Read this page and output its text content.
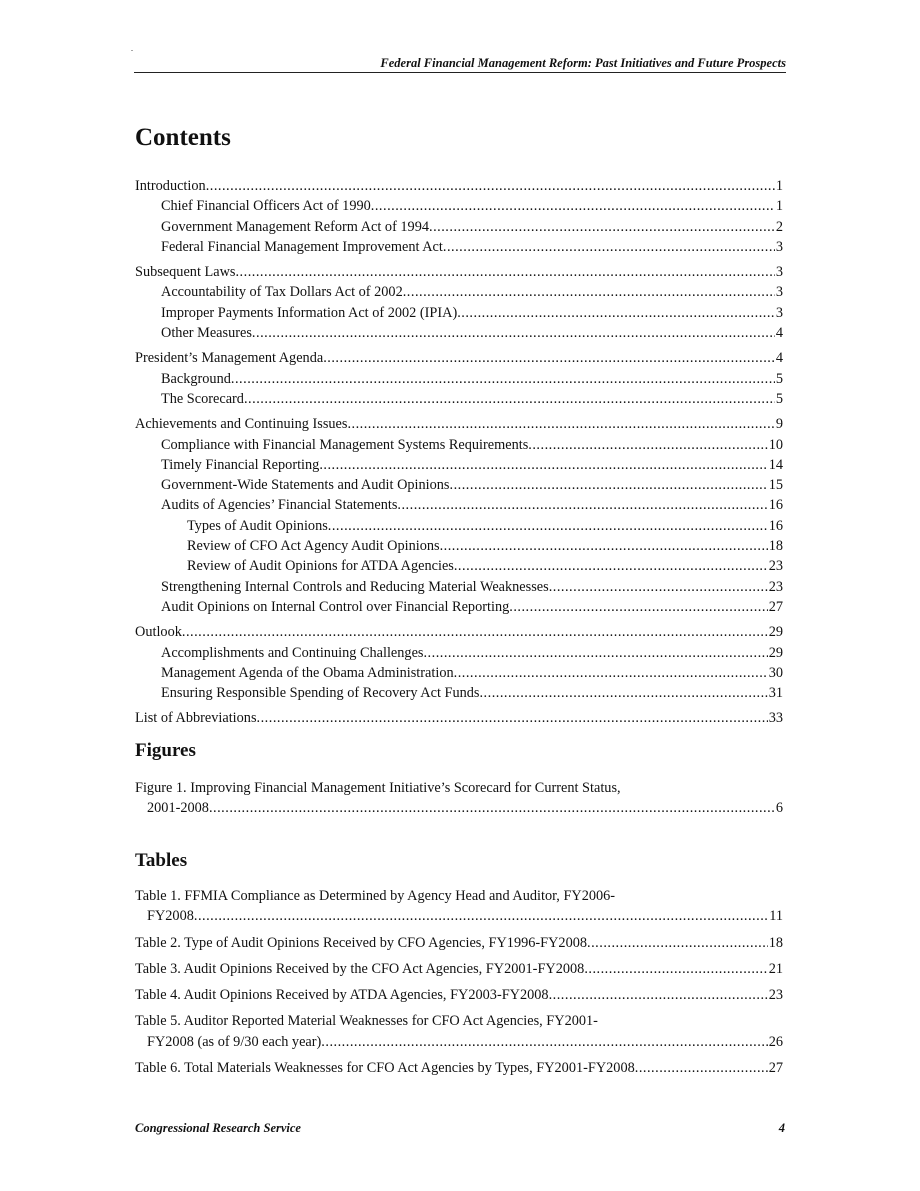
.
Federal Financial Management Reform: Past Initiatives and Future Prospects
Contents
Introduction .....	1
Chief Financial Officers Act of 1990 .....	1
Government Management Reform Act of 1994 .....	2
Federal Financial Management Improvement Act .....	3
Subsequent Laws .....	3
Accountability of Tax Dollars Act of 2002 .....	3
Improper Payments Information Act of 2002 (IPIA) .....	3
Other Measures .....	4
President’s Management Agenda .....	4
Background .....	5
The Scorecard .....	5
Achievements and Continuing Issues .....	9
Compliance with Financial Management Systems Requirements .....	10
Timely Financial Reporting .....	14
Government-Wide Statements and Audit Opinions .....	15
Audits of Agencies’ Financial Statements .....	16
Types of Audit Opinions .....	16
Review of CFO Act Agency Audit Opinions .....	18
Review of Audit Opinions for ATDA Agencies .....	23
Strengthening Internal Controls and Reducing Material Weaknesses .....	23
Audit Opinions on Internal Control over Financial Reporting .....	27
Outlook .....	29
Accomplishments and Continuing Challenges .....	29
Management Agenda of the Obama Administration .....	30
Ensuring Responsible Spending of Recovery Act Funds .....	31
List of Abbreviations .....	33
Figures
Figure 1. Improving Financial Management Initiative’s Scorecard for Current Status,
2001-2008 .....	6
Tables
Table 1. FFMIA Compliance as Determined by Agency Head and Auditor, FY2006-
FY2008 .....	11
Table 2. Type of Audit Opinions Received by CFO Agencies, FY1996-FY2008 .....	18
Table 3. Audit Opinions Received by the CFO Act Agencies, FY2001-FY2008 .....	21
Table 4. Audit Opinions Received by ATDA Agencies, FY2003-FY2008 .....	23
Table 5. Auditor Reported Material Weaknesses for CFO Act Agencies, FY2001-
FY2008 (as of 9/30 each year) .....	26
Table 6. Total Materials Weaknesses for CFO Act Agencies by Types, FY2001-FY2008 .....	27
Congressional Research Service	4
